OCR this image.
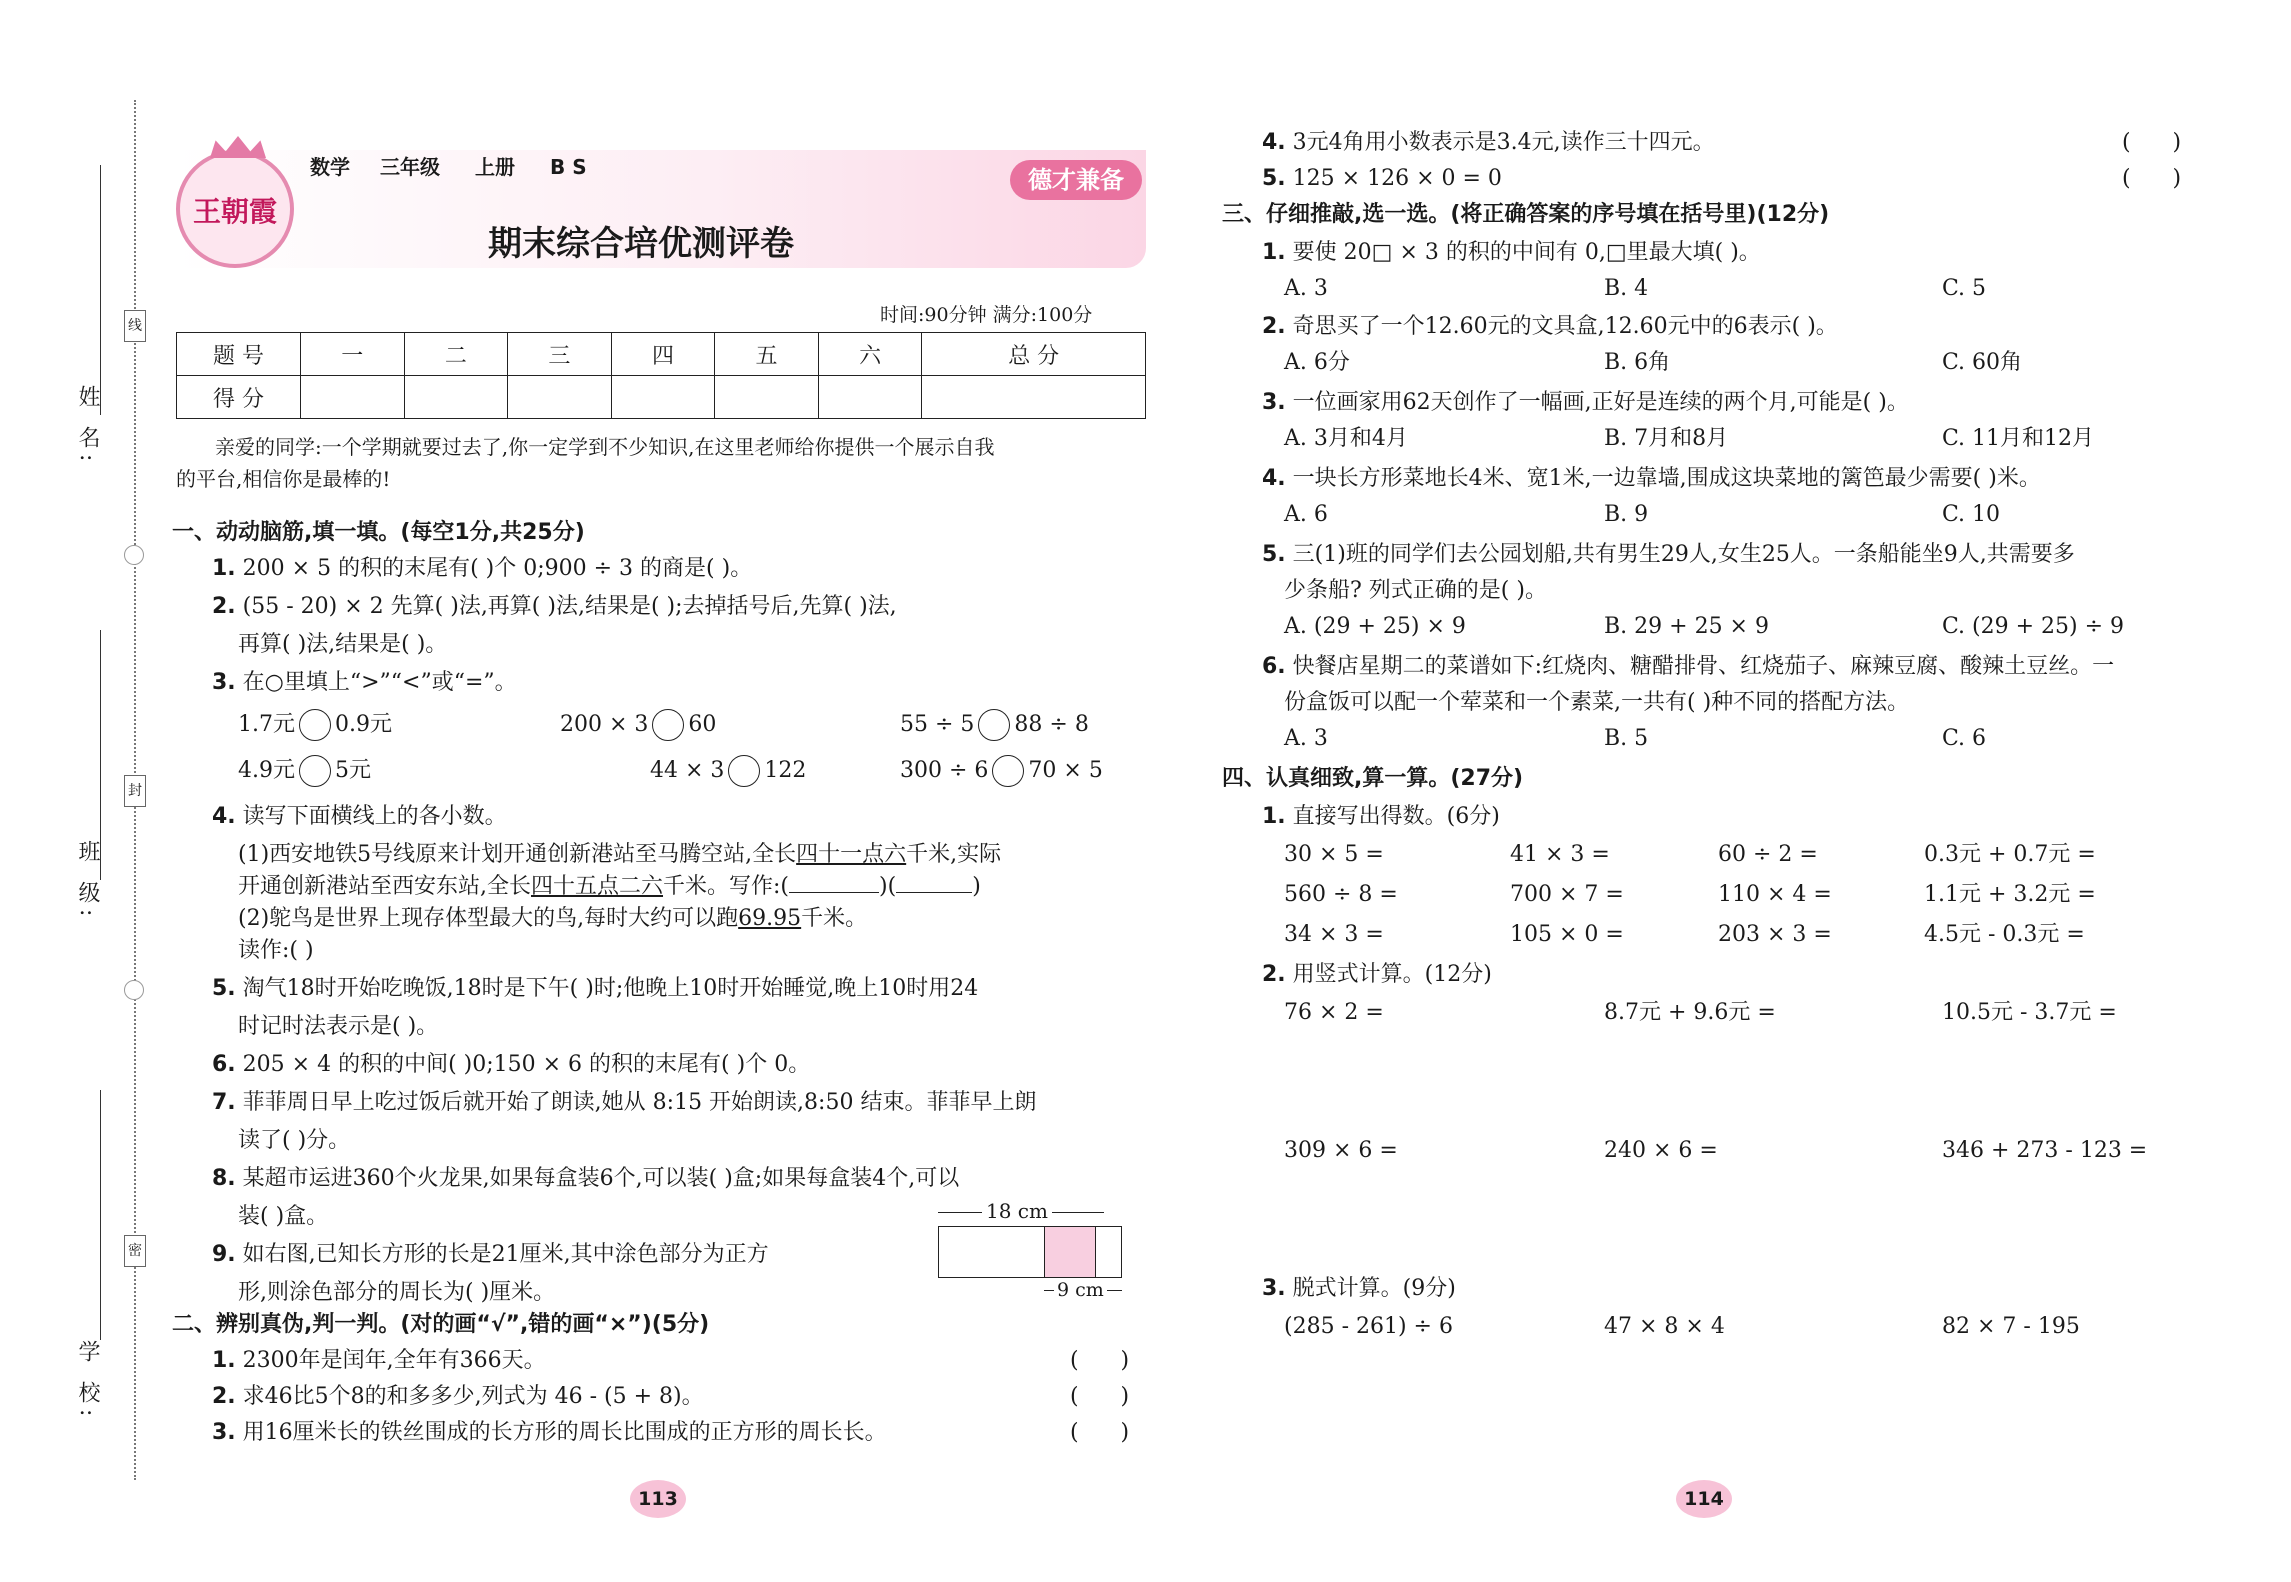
姓 名:
班 级:
学 校:
线
封
密
王朝霞
数学 三年级 上册 B S	德才兼备
期末综合培优测评卷
时间:90分钟 满分:100分
题 号	一	二	三	四	五	六	总 分
得 分							
亲爱的同学:一个学期就要过去了,你一定学到不少知识,在这里老师给你提供一个展示自我
的平台,相信你是最棒的!
一、动动脑筋,填一填。(每空1分,共25分)
1. 200 × 5 的积的末尾有( )个 0;900 ÷ 3 的商是( )。
2. (55 - 20) × 2 先算( )法,再算( )法,结果是( );去掉括号后,先算( )法,
再算( )法,结果是( )。
3. 在○里填上“>”“<”或“=”。
1.7元 0.9元	200 × 3 60	55 ÷ 5 88 ÷ 8
4.9元 5元	44 × 3 122	300 ÷ 6 70 × 5
4. 读写下面横线上的各小数。
(1)西安地铁5号线原来计划开通创新港站至马腾空站,全长四十一点六千米,实际
开通创新港站至西安东站,全长四十五点二六千米。写作:(	)(	)
(2)鸵鸟是世界上现存体型最大的鸟,每时大约可以跑69.95千米。
读作:( )
5. 淘气18时开始吃晚饭,18时是下午( )时;他晚上10时开始睡觉,晚上10时用24
时记时法表示是( )。
6. 205 × 4 的积的中间( )0;150 × 6 的积的末尾有( )个 0。
7. 菲菲周日早上吃过饭后就开始了朗读,她从 8:15 开始朗读,8:50 结束。菲菲早上朗
读了( )分。
8. 某超市运进360个火龙果,如果每盒装6个,可以装( )盒;如果每盒装4个,可以
装( )盒。
9. 如右图,已知长方形的长是21厘米,其中涂色部分为正方
形,则涂色部分的周长为( )厘米。
18 cm
9 cm
二、辨别真伪,判一判。(对的画“√”,错的画“×”)(5分)
1. 2300年是闰年,全年有366天。	(      )
2. 求46比5个8的和多多少,列式为 46 - (5 + 8)。	(      )
3. 用16厘米长的铁丝围成的长方形的周长比围成的正方形的周长长。	(      )
113
4. 3元4角用小数表示是3.4元,读作三十四元。	(      )
5. 125 × 126 × 0 = 0	(      )
三、仔细推敲,选一选。(将正确答案的序号填在括号里)(12分)
1. 要使 20□ × 3 的积的中间有 0,□里最大填( )。
A. 3	B. 4	C. 5
2. 奇思买了一个12.60元的文具盒,12.60元中的6表示( )。
A. 6分	B. 6角	C. 60角
3. 一位画家用62天创作了一幅画,正好是连续的两个月,可能是( )。
A. 3月和4月	B. 7月和8月	C. 11月和12月
4. 一块长方形菜地长4米、宽1米,一边靠墙,围成这块菜地的篱笆最少需要( )米。
A. 6	B. 9	C. 10
5. 三(1)班的同学们去公园划船,共有男生29人,女生25人。一条船能坐9人,共需要多
少条船? 列式正确的是( )。
A. (29 + 25) × 9	B. 29 + 25 × 9	C. (29 + 25) ÷ 9
6. 快餐店星期二的菜谱如下:红烧肉、糖醋排骨、红烧茄子、麻辣豆腐、酸辣土豆丝。一
份盒饭可以配一个荤菜和一个素菜,一共有( )种不同的搭配方法。
A. 3	B. 5	C. 6
四、认真细致,算一算。(27分)
1. 直接写出得数。(6分)
30 × 5 =	41 × 3 =	60 ÷ 2 =	0.3元 + 0.7元 =
560 ÷ 8 =	700 × 7 =	110 × 4 =	1.1元 + 3.2元 =
34 × 3 =	105 × 0 =	203 × 3 =	4.5元 - 0.3元 =
2. 用竖式计算。(12分)
76 × 2 =	8.7元 + 9.6元 =	10.5元 - 3.7元 =
309 × 6 =	240 × 6 =	346 + 273 - 123 =
3. 脱式计算。(9分)
(285 - 261) ÷ 6	47 × 8 × 4	82 × 7 - 195
114
